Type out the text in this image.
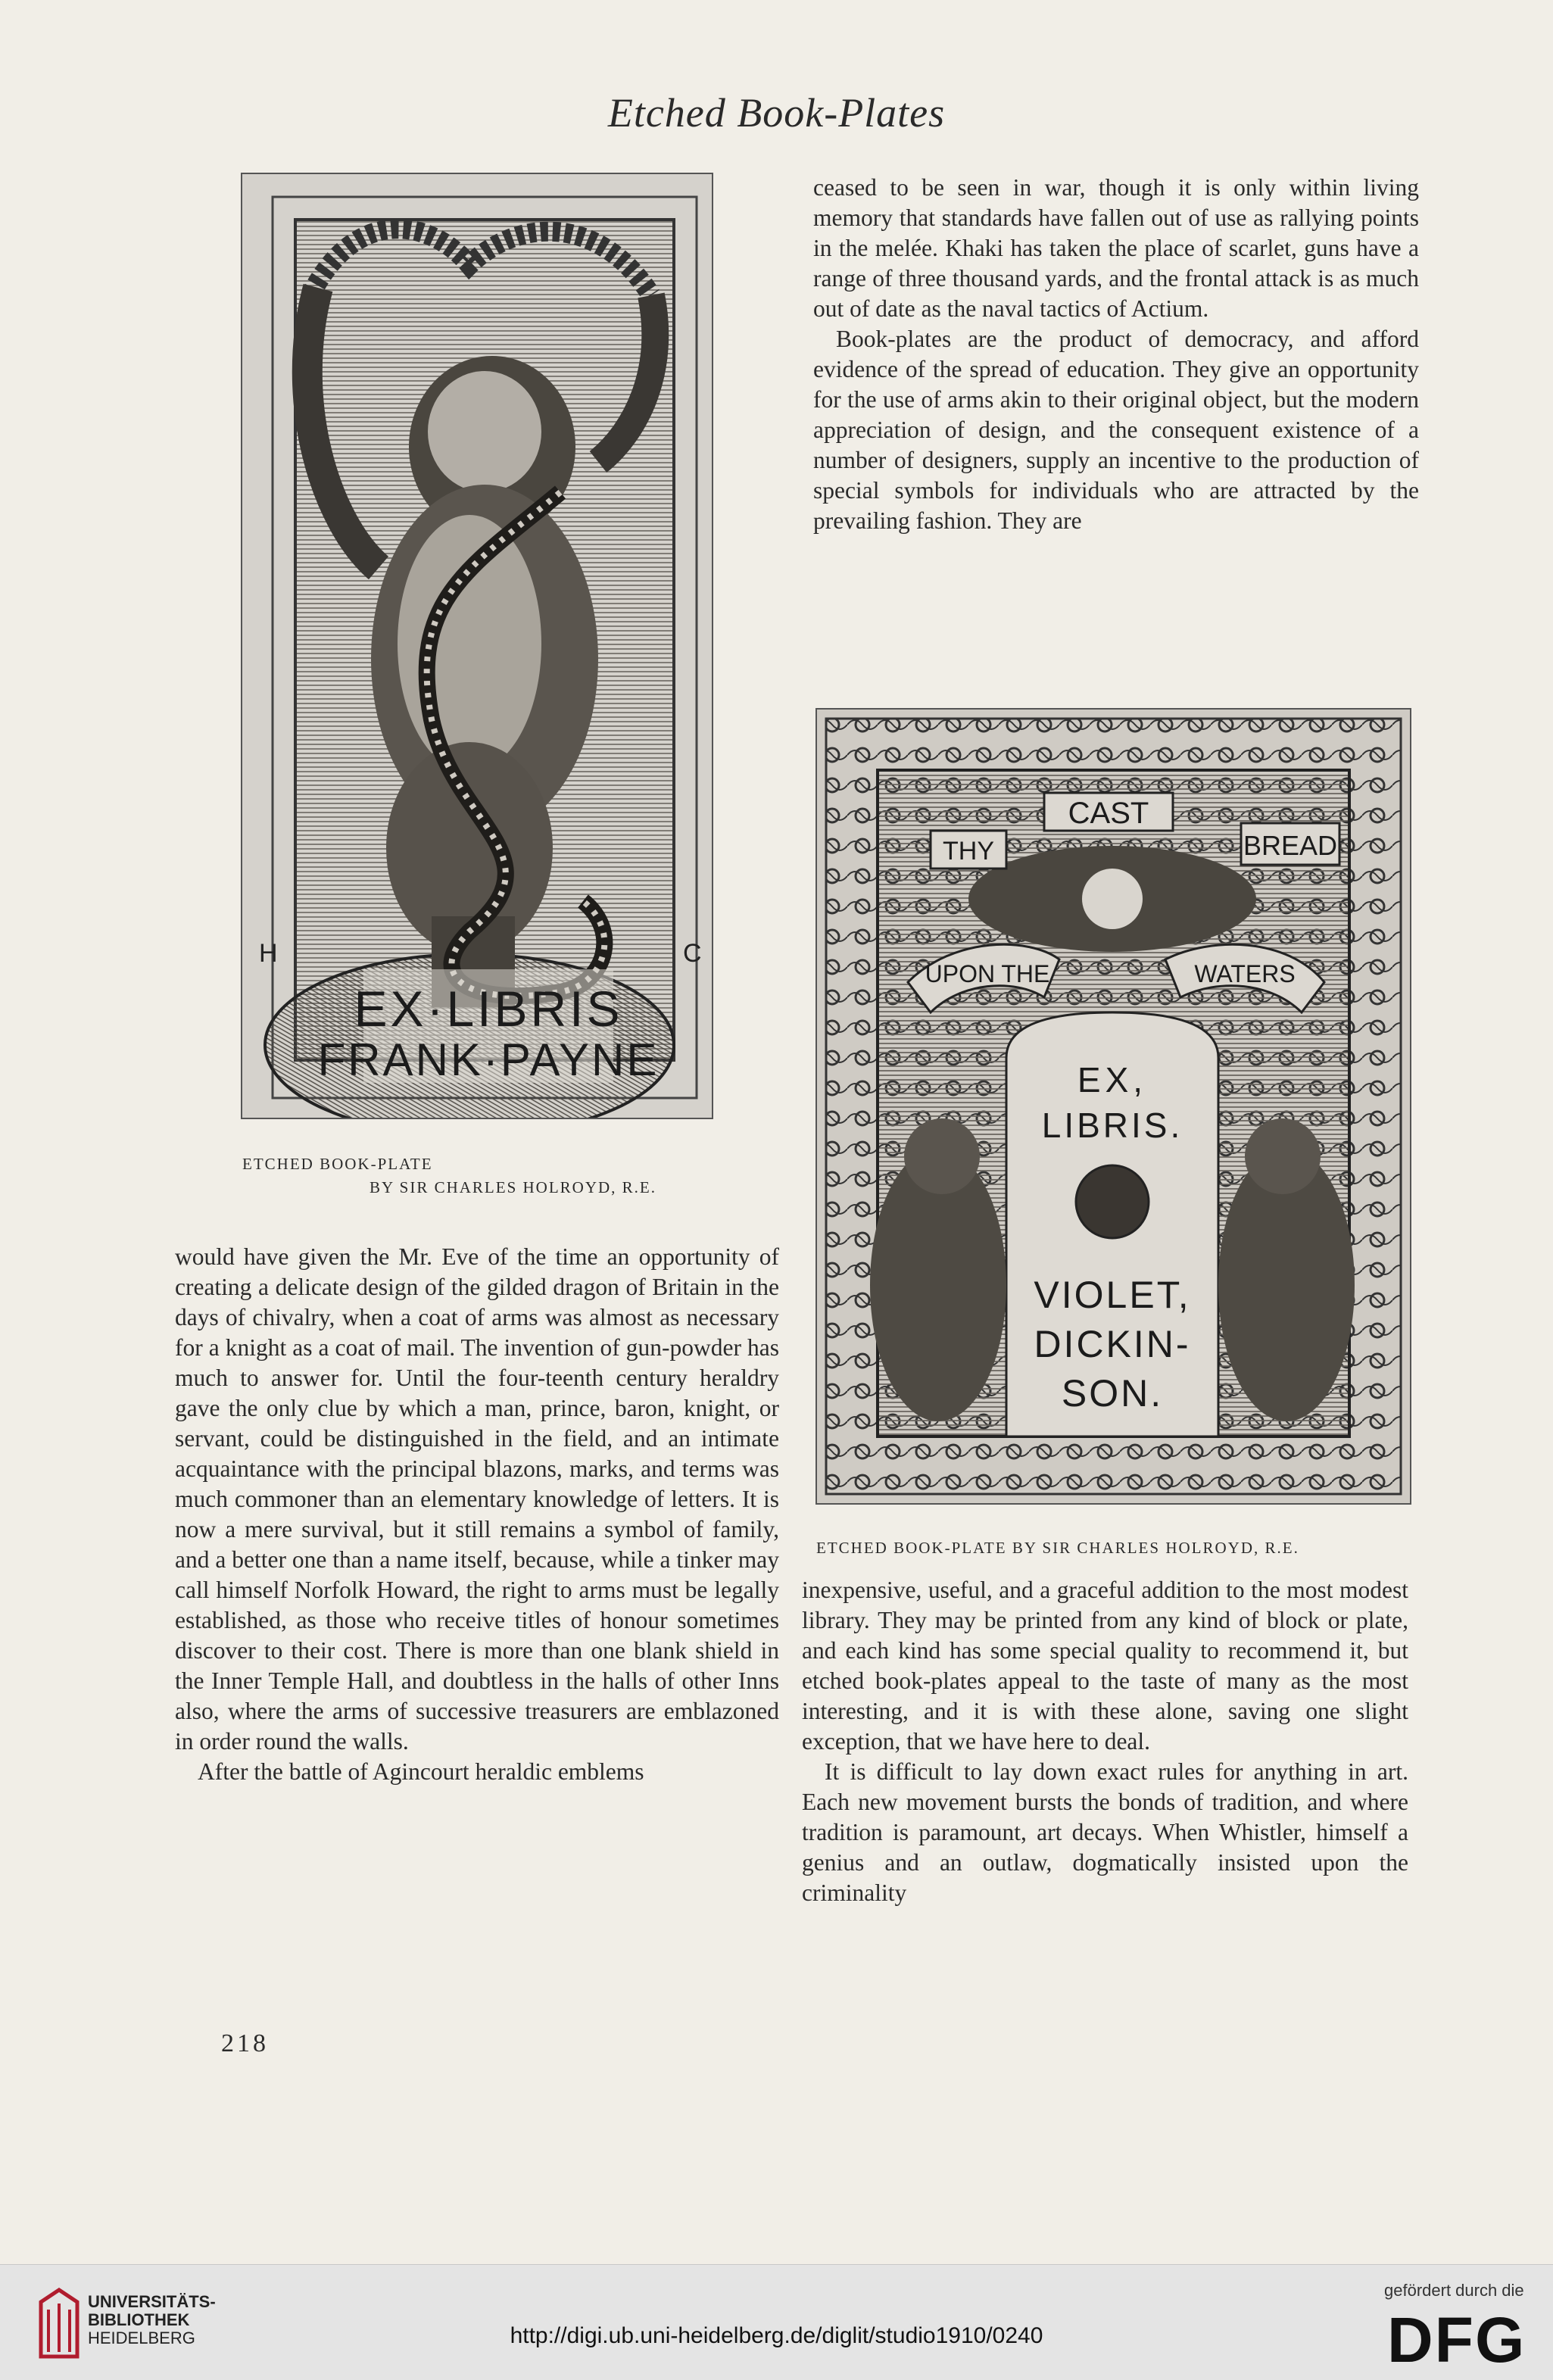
Etched Book-Plates
EX·LIBRIS
FRANK·PAYNE
H	C
ETCHED BOOK-PLATE
BY SIR CHARLES HOLROYD, R.E.

ceased to be seen in war, though it is only within living memory that standards have fallen out of use as rallying points in the melée. Khaki has taken the place of scarlet, guns have a range of three thousand yards, and the frontal attack is as much out of date as the naval tactics of Actium.

Book-plates are the product of democracy, and afford evidence of the spread of education. They give an opportunity for the use of arms akin to their original object, but the modern appreciation of design, and the consequent existence of a number of designers, supply an incentive to the production of special symbols for individuals who are attracted by the prevailing fashion. They are

CAST
THY	BREAD
UPON THE	WATERS
EX,
LIBRIS.
VIOLET,
DICKIN-
SON.
ETCHED BOOK-PLATE BY SIR CHARLES HOLROYD, R.E.

would have given the Mr. Eve of the time an opportunity of creating a delicate design of the gilded dragon of Britain in the days of chivalry, when a coat of arms was almost as necessary for a knight as a coat of mail. The invention of gun-powder has much to answer for. Until the four-teenth century heraldry gave the only clue by which a man, prince, baron, knight, or servant, could be distinguished in the field, and an intimate acquaintance with the principal blazons, marks, and terms was much commoner than an elementary knowledge of letters. It is now a mere survival, but it still remains a symbol of family, and a better one than a name itself, because, while a tinker may call himself Norfolk Howard, the right to arms must be legally established, as those who receive titles of honour sometimes discover to their cost. There is more than one blank shield in the Inner Temple Hall, and doubtless in the halls of other Inns also, where the arms of successive treasurers are emblazoned in order round the walls.

After the battle of Agincourt heraldic emblems

inexpensive, useful, and a graceful addition to the most modest library. They may be printed from any kind of block or plate, and each kind has some special quality to recommend it, but etched book-plates appeal to the taste of many as the most interesting, and it is with these alone, saving one slight exception, that we have here to deal.

It is difficult to lay down exact rules for anything in art. Each new movement bursts the bonds of tradition, and where tradition is paramount, art decays. When Whistler, himself a genius and an outlaw, dogmatically insisted upon the criminality

218
UNIVERSITÄTS-
BIBLIOTHEK
HEIDELBERG	http://digi.ub.uni-heidelberg.de/diglit/studio1910/0240
gefördert durch die
DFG
